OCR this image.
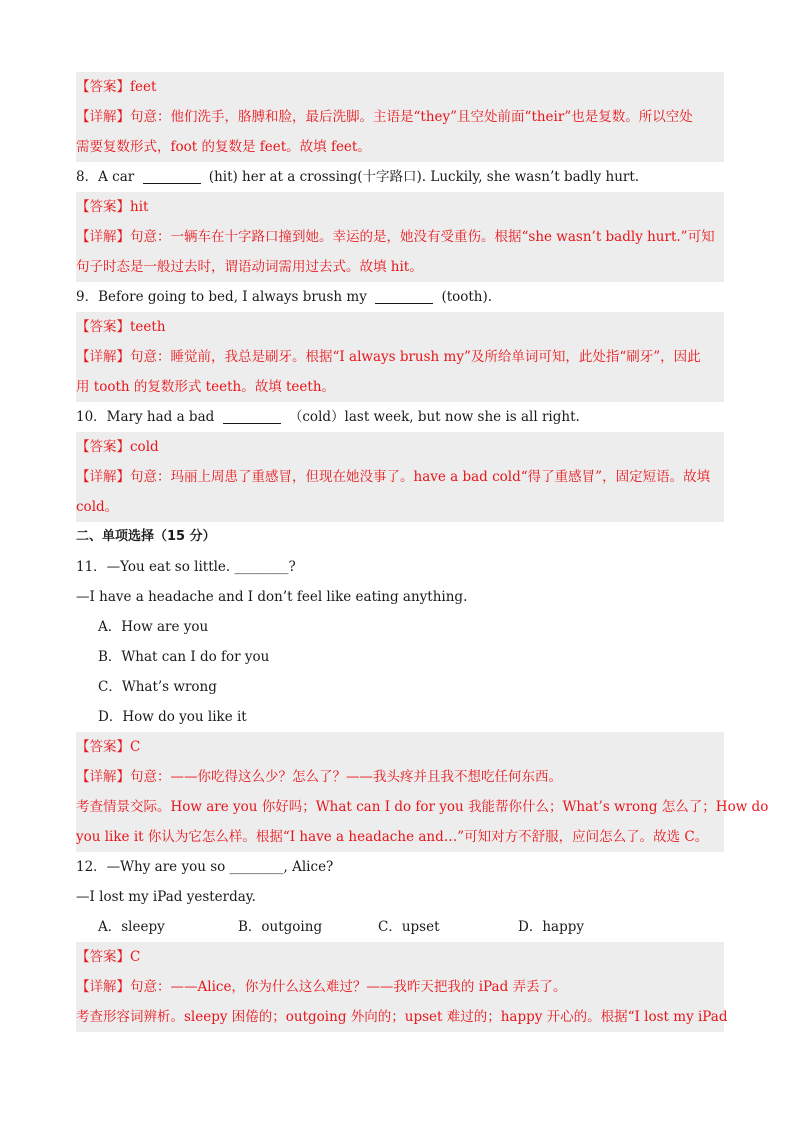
【答案】feet
【详解】句意：他们洗手，胳膊和脸，最后洗脚。主语是“they”且空处前面“their”也是复数。所以空处
需要复数形式，foot 的复数是 feet。故填 feet。
8．A car	(hit) her at a crossing(十字路口). Luckily, she wasn’t badly hurt.
【答案】hit
【详解】句意：一辆车在十字路口撞到她。幸运的是，她没有受重伤。根据“she wasn’t badly hurt.”可知
句子时态是一般过去时，谓语动词需用过去式。故填 hit。
9．Before going to bed, I always brush my	(tooth).
【答案】teeth
【详解】句意：睡觉前，我总是刷牙。根据“I always brush my”及所给单词可知，此处指“刷牙”，因此
用 tooth 的复数形式 teeth。故填 teeth。
10．Mary had a bad	（cold）last week, but now she is all right.
【答案】cold
【详解】句意：玛丽上周患了重感冒，但现在她没事了。have a bad cold“得了重感冒”，固定短语。故填
cold。
二、单项选择（15 分）
11．—You eat so little. ________?
—I have a headache and I don’t feel like eating anything.
A．How are you
B．What can I do for you
C．What’s wrong
D．How do you like it
【答案】C
【详解】句意：——你吃得这么少？怎么了？——我头疼并且我不想吃任何东西。
考查情景交际。How are you 你好吗；What can I do for you 我能帮你什么；What’s wrong 怎么了；How do
you like it 你认为它怎么样。根据“I have a headache and…”可知对方不舒服，应问怎么了。故选 C。
12．—Why are you so ________, Alice?
—I lost my iPad yesterday.
A．sleepy	B．outgoing	C．upset	D．happy
【答案】C
【详解】句意：——Alice，你为什么这么难过？——我昨天把我的 iPad 弄丢了。
考查形容词辨析。sleepy 困倦的；outgoing 外向的；upset 难过的；happy 开心的。根据“I lost my iPad
